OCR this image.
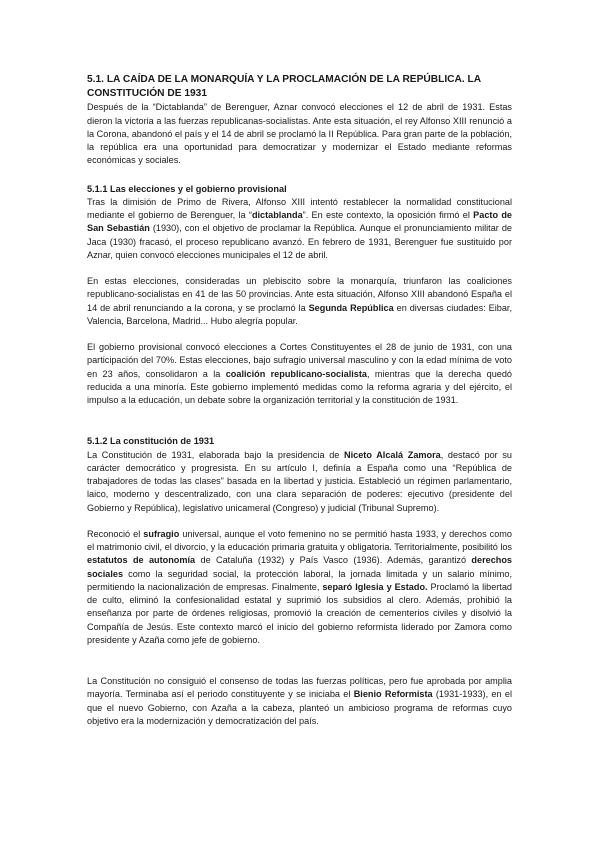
5.1. LA CAÍDA DE LA MONARQUÍA Y LA PROCLAMACIÓN DE LA REPÚBLICA. LA CONSTITUCIÓN DE 1931

Después de la “Dictablanda” de Berenguer, Aznar convocó elecciones el 12 de abril de 1931. Estas dieron la victoria a las fuerzas republicanas-socialistas. Ante esta situación, el rey Alfonso XIII renunció a la Corona, abandonó el país y el 14 de abril se proclamó la II República. Para gran parte de la población, la república era una oportunidad para democratizar y modernizar el Estado mediante reformas económicas y sociales.

5.1.1 Las elecciones y el gobierno provisional

Tras la dimisión de Primo de Rivera, Alfonso XIII intentó restablecer la normalidad constitucional mediante el gobierno de Berenguer, la “dictablanda”. En este contexto, la oposición firmó el Pacto de San Sebastián (1930), con el objetivo de proclamar la República. Aunque el pronunciamiento militar de Jaca (1930) fracasó, el proceso republicano avanzó. En febrero de 1931, Berenguer fue sustituido por Aznar, quien convocó elecciones municipales el 12 de abril.

En estas elecciones, consideradas un plebiscito sobre la monarquía, triunfaron las coaliciones republicano-socialistas en 41 de las 50 provincias. Ante esta situación, Alfonso XIII abandonó España el 14 de abril renunciando a la corona, y se proclamó la Segunda República en diversas ciudades: Eibar, Valencia, Barcelona, Madrid... Hubo alegría popular.

El gobierno provisional convocó elecciones a Cortes Constituyentes el 28 de junio de 1931, con una participación del 70%. Estas elecciones, bajo sufragio universal masculino y con la edad mínima de voto en 23 años, consolidaron a la coalición republicano-socialista, mientras que la derecha quedó reducida a una minoría. Este gobierno implementó medidas como la reforma agraria y del ejército, el impulso a la educación, un debate sobre la organización territorial y la constitución de 1931.

5.1.2 La constitución de 1931

La Constitución de 1931, elaborada bajo la presidencia de Niceto Alcalá Zamora, destacó por su carácter democrático y progresista. En su artículo I, definía a España como una “República de trabajadores de todas las clases” basada en la libertad y justicia. Estableció un régimen parlamentario, laico, moderno y descentralizado, con una clara separación de poderes: ejecutivo (presidente del Gobierno y República), legislativo unicameral (Congreso) y judicial (Tribunal Supremo).

Reconoció el sufragio universal, aunque el voto femenino no se permitió hasta 1933, y derechos como el matrimonio civil, el divorcio, y la educación primaria gratuita y obligatoria. Territorialmente, posibilitó los estatutos de autonomía de Cataluña (1932) y País Vasco (1936). Además, garantizó derechos sociales como la seguridad social, la protección laboral, la jornada limitada y un salario mínimo, permitiendo la nacionalización de empresas. Finalmente, separó Iglesia y Estado. Proclamó la libertad de culto, eliminó la confesionalidad estatal y suprimió los subsidios al clero. Además, prohibió la enseñanza por parte de órdenes religiosas, promovió la creación de cementerios civiles y disolvió la Compañía de Jesús. Este contexto marcó el inicio del gobierno reformista liderado por Zamora como presidente y Azaña como jefe de gobierno.

La Constitución no consiguió el consenso de todas las fuerzas políticas, pero fue aprobada por amplia mayoría. Terminaba así el periodo constituyente y se iniciaba el Bienio Reformista (1931-1933), en el que el nuevo Gobierno, con Azaña a la cabeza, planteó un ambicioso programa de reformas cuyo objetivo era la modernización y democratización del país.
